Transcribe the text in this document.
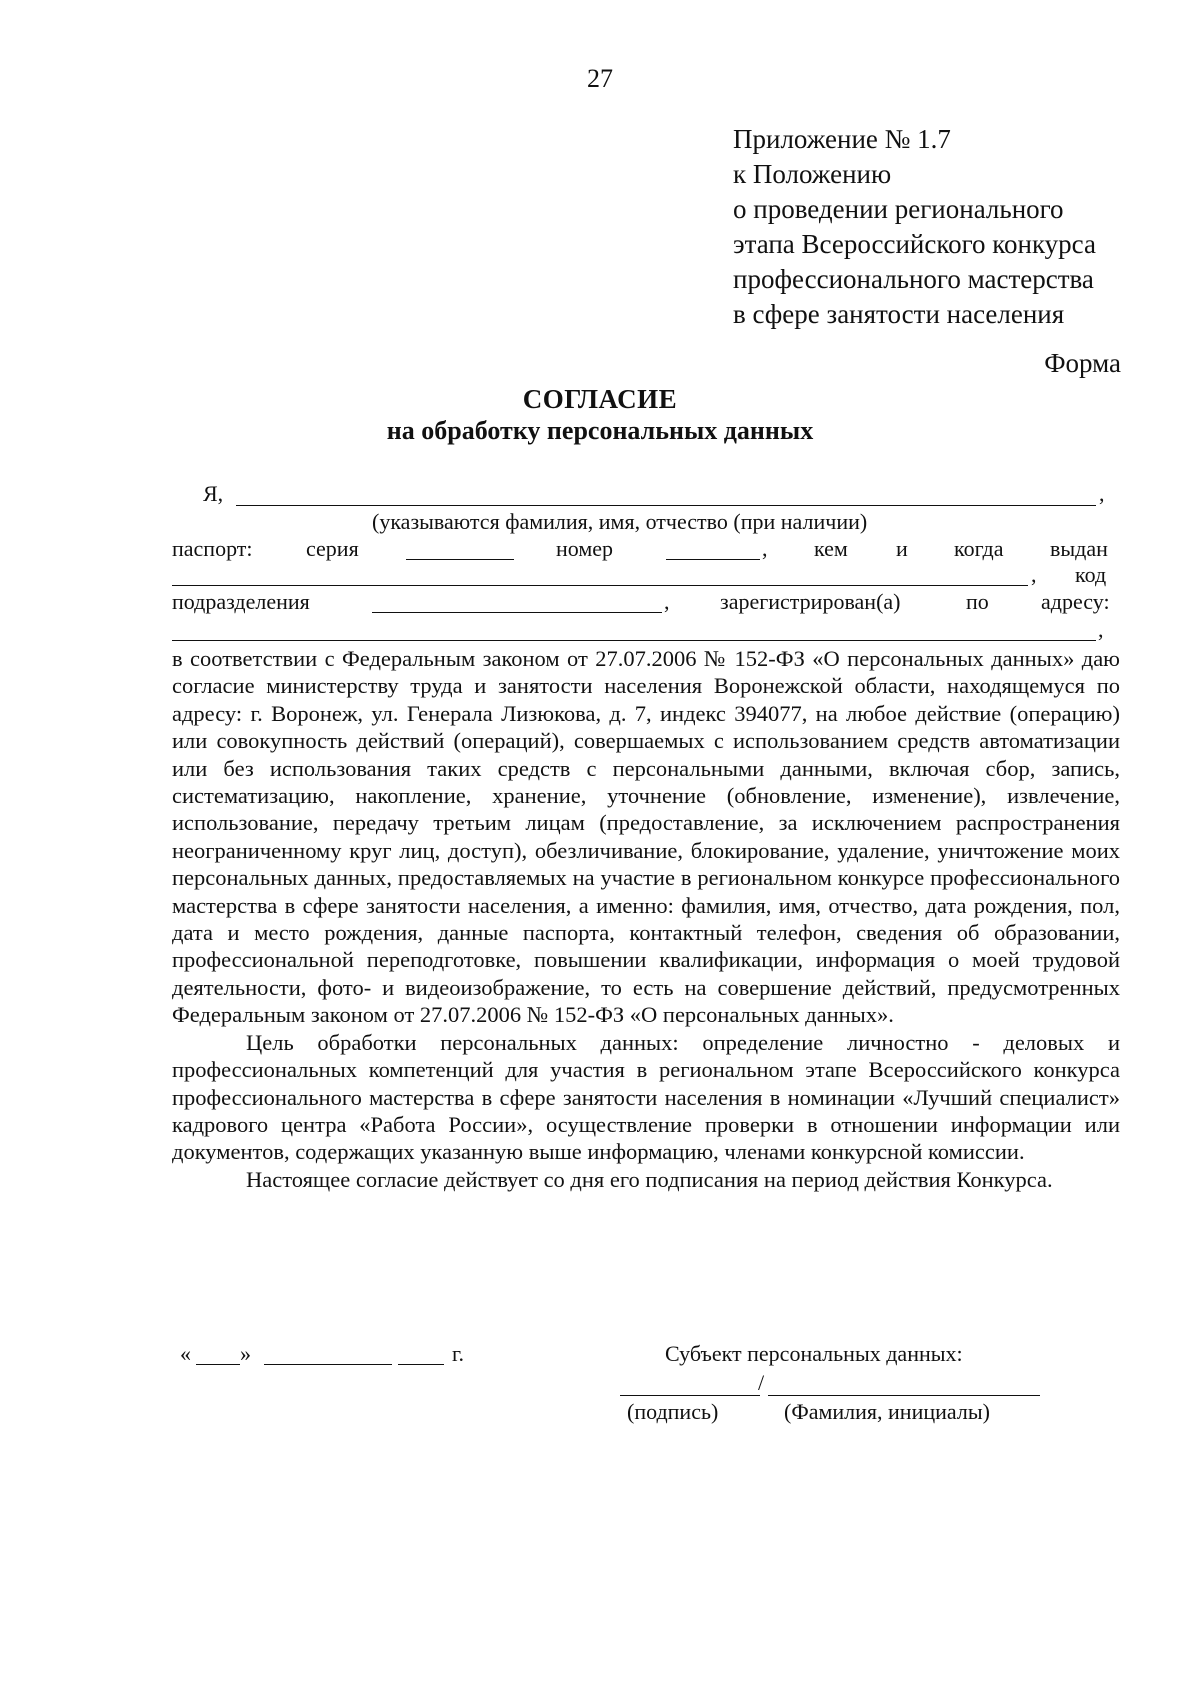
27
Приложение № 1.7
к Положению
о проведении регионального
этапа Всероссийского конкурса
профессионального мастерства
в сфере занятости населения
Форма
СОГЛАСИЕ
на обработку персональных данных
Я,	,
(указываются фамилия, имя, отчество (при наличии)
паспорт: серия	номер	, кем и когда выдан
, код
подразделения	, зарегистрирован(а)	по адресу:
,

в соответствии с Федеральным законом от 27.07.2006 № 152-ФЗ «О персональных данных» даю согласие министерству труда и занятости населения Воронежской области, находящемуся по адресу: г. Воронеж, ул. Генерала Лизюкова, д. 7, индекс 394077, на любое действие (операцию) или совокупность действий (операций), совершаемых с использованием средств автоматизации или без использования таких средств с персональными данными, включая сбор, запись, систематизацию, накопление, хранение, уточнение (обновление, изменение), извлечение, использование, передачу третьим лицам (предоставление, за исключением распространения неограниченному круг лиц, доступ), обезличивание, блокирование, удаление, уничтожение моих персональных данных, предоставляемых на участие в региональном конкурсе профессионального мастерства в сфере занятости населения, а именно: фамилия, имя, отчество, дата рождения, пол, дата и место рождения, данные паспорта, контактный телефон, сведения об образовании, профессиональной переподготовке, повышении квалификации, информация о моей трудовой деятельности, фото- и видеоизображение, то есть на совершение действий, предусмотренных Федеральным законом от 27.07.2006 № 152-ФЗ «О персональных данных».

Цель обработки персональных данных: определение личностно - деловых и профессиональных компетенций для участия в региональном этапе Всероссийского конкурса профессионального мастерства в сфере занятости населения в номинации «Лучший специалист» кадрового центра «Работа России», осуществление проверки в отношении информации или документов, содержащих указанную выше информацию, членами конкурсной комиссии.

Настоящее согласие действует со дня его подписания на период действия Конкурса.

« »	г.	Субъект персональных данных:
/
(подпись)	(Фамилия, инициалы)
